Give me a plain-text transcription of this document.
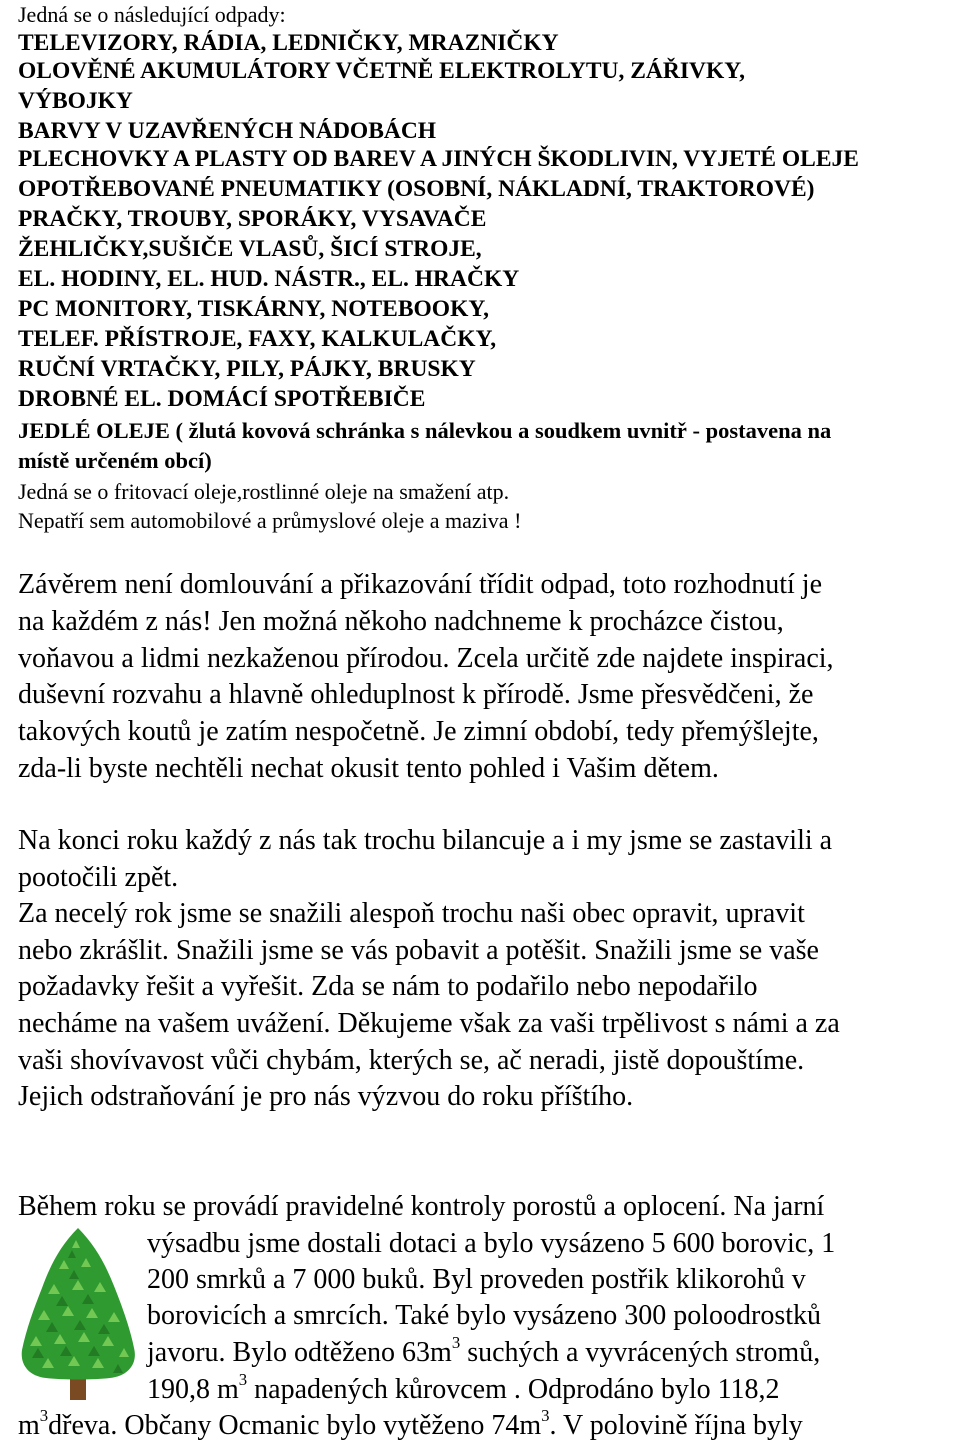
Jedná se o následující odpady:
TELEVIZORY, RÁDIA, LEDNIČKY, MRAZNIČKY
OLOVĚNÉ AKUMULÁTORY VČETNĚ ELEKTROLYTU, ZÁŘIVKY,
VÝBOJKY
BARVY V UZAVŘENÝCH NÁDOBÁCH
PLECHOVKY A PLASTY OD BAREV A JINÝCH ŠKODLIVIN, VYJETÉ OLEJE
OPOTŘEBOVANÉ PNEUMATIKY (OSOBNÍ, NÁKLADNÍ, TRAKTOROVÉ)
PRAČKY, TROUBY, SPORÁKY, VYSAVAČE
ŽEHLIČKY,SUŠIČE VLASŮ, ŠICÍ STROJE,
EL. HODINY, EL. HUD. NÁSTR., EL. HRAČKY
PC MONITORY, TISKÁRNY, NOTEBOOKY,
TELEF. PŘÍSTROJE, FAXY, KALKULAČKY,
RUČNÍ VRTAČKY, PILY, PÁJKY, BRUSKY
DROBNÉ EL. DOMÁCÍ SPOTŘEBIČE
JEDLÉ OLEJE ( žlutá kovová schránka s nálevkou a soudkem uvnitř - postavena na
místě určeném obcí)
Jedná se o fritovací oleje,rostlinné oleje na smažení atp.
Nepatří sem automobilové a průmyslové oleje a maziva !
Závěrem není domlouvání a přikazování třídit odpad, toto rozhodnutí je
na každém z nás! Jen možná někoho nadchneme k procházce čistou,
voňavou a lidmi nezkaženou přírodou. Zcela určitě zde najdete inspiraci,
duševní rozvahu a hlavně ohleduplnost k přírodě. Jsme přesvědčeni, že
takových koutů je zatím nespočetně. Je zimní období, tedy přemýšlejte,
zda-li byste nechtěli nechat okusit tento pohled i Vašim dětem.
Na konci roku každý z nás tak trochu bilancuje a i my jsme se zastavili a
pootočili zpět.
Za necelý rok jsme se snažili alespoň trochu naši obec opravit, upravit
nebo zkrášlit. Snažili jsme se vás pobavit a potěšit. Snažili jsme se vaše
požadavky řešit a vyřešit. Zda se nám to podařilo nebo nepodařilo
necháme na vašem uvážení. Děkujeme však za vaši trpělivost s námi a za
vaši shovívavost vůči chybám, kterých se, ač neradi, jistě dopouštíme.
Jejich odstraňování je pro nás výzvou do roku příštího.
Během roku se provádí pravidelné kontroly porostů a oplocení. Na jarní
výsadbu jsme dostali dotaci a bylo vysázeno 5 600 borovic, 1
200 smrků a 7 000 buků. Byl proveden postřik klikorohů v
borovicích a smrcích. Také bylo vysázeno 300 poloodrostků
javoru. Bylo odtěženo $63m^3$ suchých a vyvrácených stromů,
190,8 $m^3$ napadených kůrovcem . Odprodáno bylo 118,2
$m^3dřeva$. Občany Ocmanic bylo vytěženo $74m^3$. V polovině října byly
